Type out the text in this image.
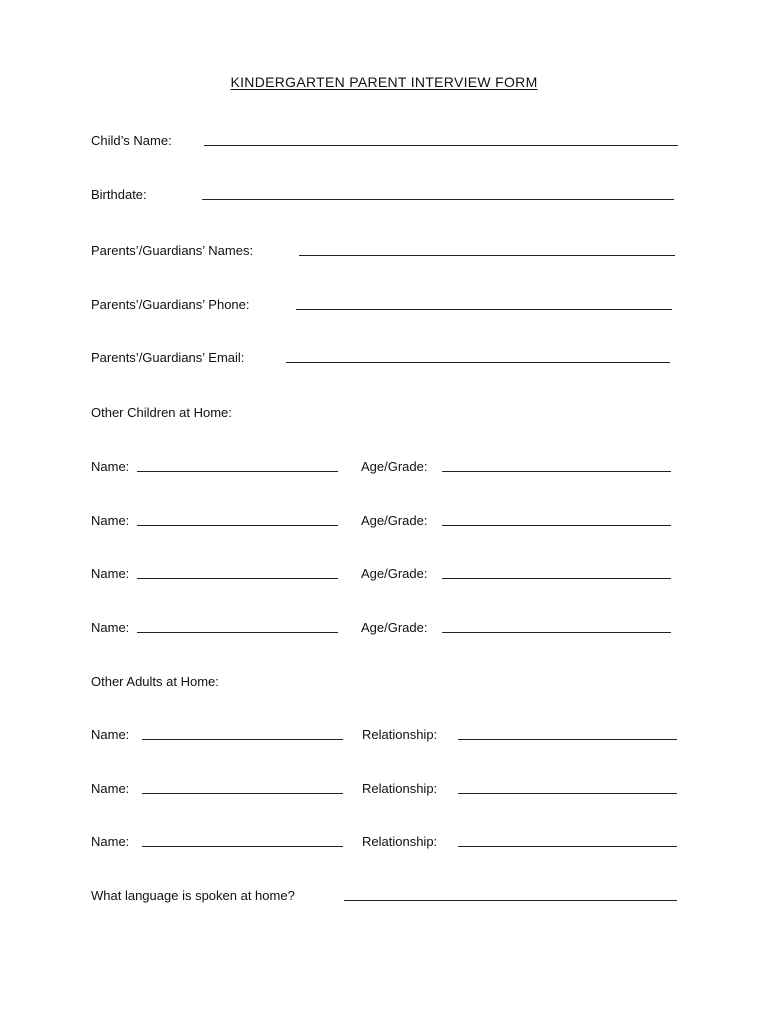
KINDERGARTEN PARENT INTERVIEW FORM
Child’s Name:
Birthdate:
Parents’/Guardians’ Names:
Parents’/Guardians’ Phone:
Parents’/Guardians’ Email:
Other Children at Home:
Name:	Age/Grade:
Name:	Age/Grade:
Name:	Age/Grade:
Name:	Age/Grade:
Other Adults at Home:
Name:	Relationship:
Name:	Relationship:
Name:	Relationship:
What language is spoken at home?
